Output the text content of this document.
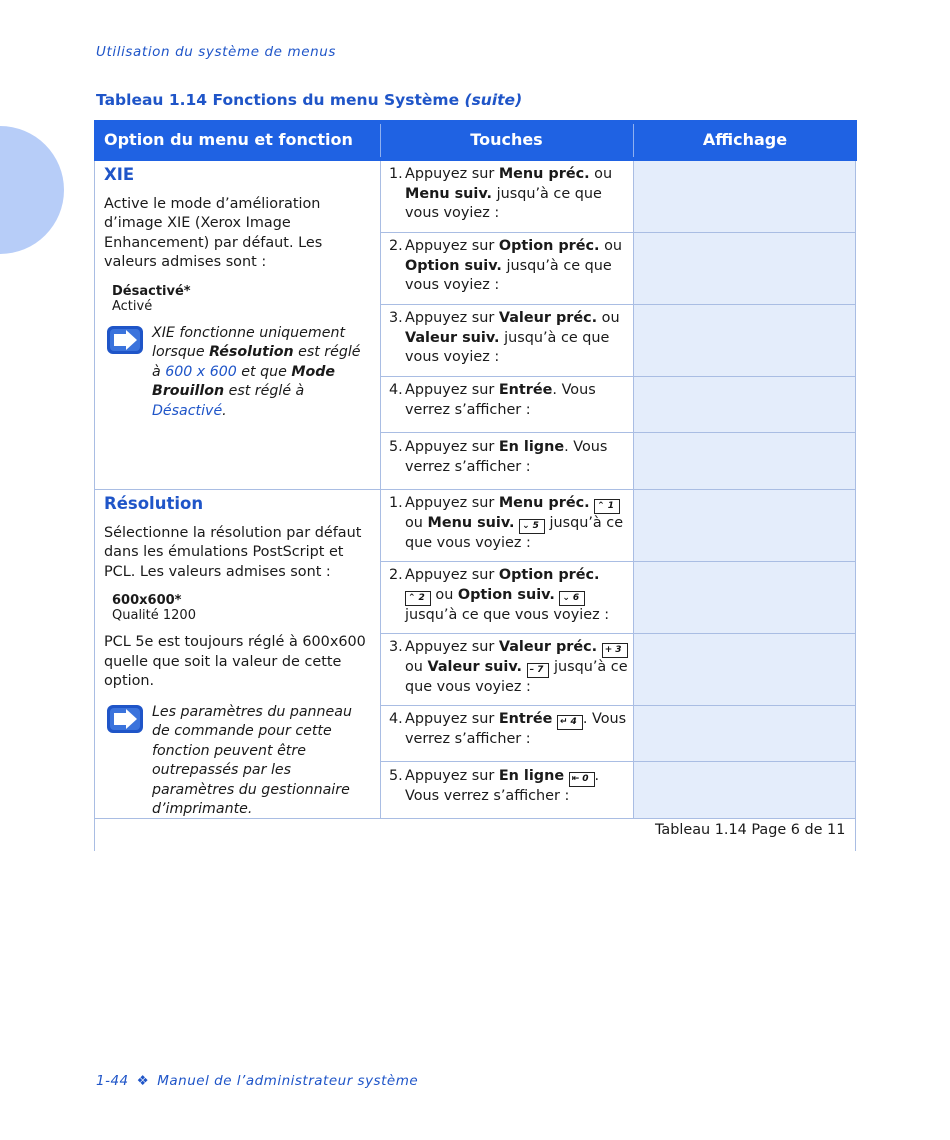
Utilisation du système de menus
Tableau 1.14 Fonctions du menu Système (suite)
Option du menu et fonction	Touches	Affichage
XIE

Active le mode d’amélioration d’image XIE (Xerox Image Enhancement) par défaut. Les valeurs admises sont :

Désactivé*
Activé
XIE fonctionne uniquement lorsque Résolution est réglé à 600 x 600 et que Mode Brouillon est réglé à Désactivé.
1. Appuyez sur Menu préc. ou Menu suiv. jusqu’à ce que vous voyiez :
2. Appuyez sur Option préc. ou Option suiv. jusqu’à ce que vous voyiez :
3. Appuyez sur Valeur préc. ou Valeur suiv. jusqu’à ce que vous voyiez :
4. Appuyez sur Entrée. Vous verrez s’afficher :
5. Appuyez sur En ligne. Vous verrez s’afficher :
Résolution

Sélectionne la résolution par défaut dans les émulations PostScript et PCL. Les valeurs admises sont :

600x600*
Qualité 1200

PCL 5e est toujours réglé à 600x600 quelle que soit la valeur de cette option.

Les paramètres du panneau de commande pour cette fonction peuvent être outrepassés par les paramètres du gestionnaire d’imprimante.
1. Appuyez sur Menu préc. ⌃1 ou Menu suiv. ⌄5 jusqu’à ce que vous voyiez :
2. Appuyez sur Option préc. ⌃2 ou Option suiv. ⌄6 jusqu’à ce que vous voyiez :
3. Appuyez sur Valeur préc. +3 ou Valeur suiv. –7 jusqu’à ce que vous voyiez :
4. Appuyez sur Entrée ↵4 . Vous verrez s’afficher :
5. Appuyez sur En ligne ⇤0 . Vous verrez s’afficher :
Tableau 1.14 Page 6 de 11
1-44 ❖ Manuel de l’administrateur système
